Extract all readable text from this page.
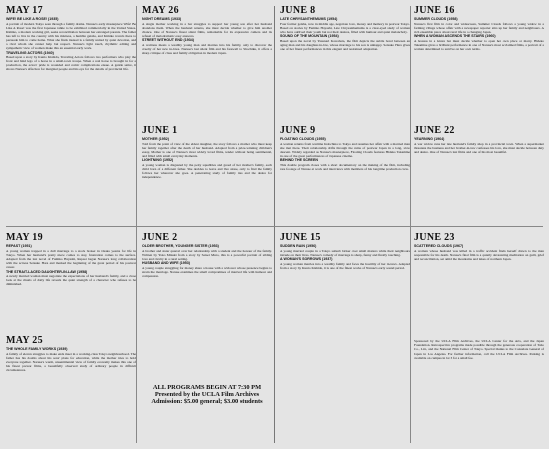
MAY 17

WIFE! BE LIKE A ROSE! (1935)

A portrait of modern Tokyo seen through a family drama. Naruse's early masterpiece Wife! Be Like A Rose! was the first Japanese talkie to be exhibited commercially in the United States. Kimiko, a modern working girl, seeks reconciliation between her estranged parents. The father has left to live in the country with his mistress, a humble geisha, and Kimiko travels there to persuade him to come home. What she finds instead is a family united by quiet devotion, and a rival whom she cannot help but respect. Naruse's light touch, rhythmic editing and sympathetic view of women make this an essential early work.

TRAVELING ACTORS (1940)

Based upon a story by Kunio Kishida, Traveling Actors follows two performers who play the front and hind legs of a horse in a small-town troupe. When a real horse is brought in for a production, the actors' pride is wounded and comic complications ensue. A gentle satire, it shows Naruse's affection for marginal people and his eye for the details of provincial life.

MAY 19

REPAST (1951)

A young woman trapped in a dull marriage to a stock broker in Osaka yearns for life in Tokyo. When her husband's pretty niece comes to stay, frustration comes to the surface. Adapted from the last novel of Fumiko Hayashi, Repast began Naruse's long collaboration with the actress Setsuko Hara and marked the beginning of the great period of his postwar career.

THE STRAIT-LACED DAUGHTER-IN-LAW (1958)

A newly married woman must negotiate the expectations of her husband's family, and a close look at the rituals of daily life reveals the quiet strength of a character who refuses to be diminished.

MAY 25

THE WHOLE FAMILY WORKS (1939)

A family of eleven struggles to make ends meet in a working-class Tokyo neighbourhood. The father has his doubts about his sons' plans for education, while the mother tries to hold everyone together. Naruse's warm, unsentimental view of family economy makes this one of his finest prewar films, a beautifully observed study of ordinary people in difficult circumstances.

MAY 26

NIGHT DREAMS (1933)

A single mother working in a bar struggles to support her young son after her husband abandons them. When the husband returns, she must decide whether to give him another chance. One of Naruse's finest silent films, remarkable for its expressive camera and its refusal of melodramatic easy answers.

STREET WITHOUT END (1934)

A waitress meets a wealthy young man and marries into his family, only to discover the cruelty of her new in-laws. Naruse's last silent film and his farewell to Shochiku, it offers a sharp critique of class and family obligation in modern Japan.

JUNE 1

MOTHER (1952)

Told from the point of view of the eldest daughter, the story follows a mother who must keep her family together after the death of her husband. Adapted from a prize-winning children's essay, Mother is one of Naruse's most widely loved films, tender without being sentimental, and filled with small everyday moments.

LIGHTNING (1952)

A young woman is disgusted by the petty squabbles and greed of her mother's family, each child born of a different father. She decides to leave and live alone, only to find the family follows her wherever she goes. A penetrating study of family ties and the desire for independence.

JUNE 2

OLDER BROTHER, YOUNGER SISTER (1953)

A brother and sister quarrel over her relationship with a student and the honour of the family. Written by Yoko Mizuki from a story by Saisei Muro, this is a powerful portrait of sibling love and rivalry in a rural setting.

HUSBAND AND WIFE (1953)

A young couple struggling for money share a house with a widower whose presence begins to strain the marriage. Naruse examines the small compromises of married life with humour and compassion.

ALL PROGRAMS BEGIN AT 7:30 PM
Presented by the UCLA Film Archives
Admission: $5.00 general; $3.00 students

JUNE 8

LATE CHRYSANTHEMUMS (1954)

Four former geisha, now in middle age, negotiate love, money and memory in postwar Tokyo. Based on stories by Fumiko Hayashi, Late Chrysanthemums is a clear-eyed study of women who have outlived their youth but not their desires, filled with humour and quiet melancholy.

SOUND OF THE MOUNTAIN (1954)

Based upon the novel by Yasunari Kawabata, the film depicts the subtle bond between an aging man and his daughter-in-law, whose marriage to his son is unhappy. Setsuko Hara gives one of her finest performances in this elegant and restrained adaptation.

JUNE 9

FLOATING CLOUDS (1955)

A woman returns from wartime Indochina to Tokyo and resumes her affair with a married man she met there. Their relationship drifts through the ruins of postwar Japan in a long, slow descent. Widely regarded as Naruse's masterpiece, Floating Clouds features Hideko Takamine in one of the great performances of Japanese cinema.

BEHIND THE SCREEN

This double program closes with a short documentary on the making of the film, including rare footage of Naruse at work and interviews with members of his longtime production crew.

JUNE 15

SUDDEN RAIN (1956)

A young married couple in a Tokyo suburb bicker over small matters while their neighbours intrude on their lives. Naruse's comedy of marriage is sharp, funny and finally touching.

A WOMAN'S SORROWS (1937)

A young woman marries into a wealthy family and faces the hostility of her in-laws. Adapted from a story by Kunio Kishida, it is one of the finest works of Naruse's early sound period.

JUNE 16

SUMMER CLOUDS (1958)

Naruse's first film in color and widescreen, Summer Clouds follows a young widow in a farming village whose affair with a newspaper reporter stirs up her family and neighbours. A rich ensemble piece about rural life in a changing Japan.

WHEN A WOMAN ASCENDS THE STAIRS (1960)

A hostess in a Ginza bar must decide whether to open her own place or marry. Hideko Takamine gives a brilliant performance in one of Naruse's most acclaimed films, a portrait of a woman determined to survive on her own terms.

JUNE 22

YEARNING (1964)

A war widow runs her late husband's family shop in a provincial town. When a supermarket threatens the business and her brother-in-law confesses his love, she must decide between duty and desire. One of Naruse's last films and one of his most beautiful.

JUNE 23

SCATTERED CLOUDS (1967)

A woman whose husband was killed in a traffic accident finds herself drawn to the man responsible for his death. Naruse's final film is a quietly devastating meditation on guilt, grief and reconciliation, set amid the mountains and lakes of northern Japan.

Sponsored by the UCLA Film Archives, the UCLA Center for the Arts, and the Japan Foundation. Retrospective programs made possible through the generous cooperation of Toho Co., Ltd., and the National Film Center of Tokyo. Special thanks to the Consulate General of Japan in Los Angeles. For further information, call the UCLA Film Archives. Parking is available on campus in lot 3 for a small fee.
